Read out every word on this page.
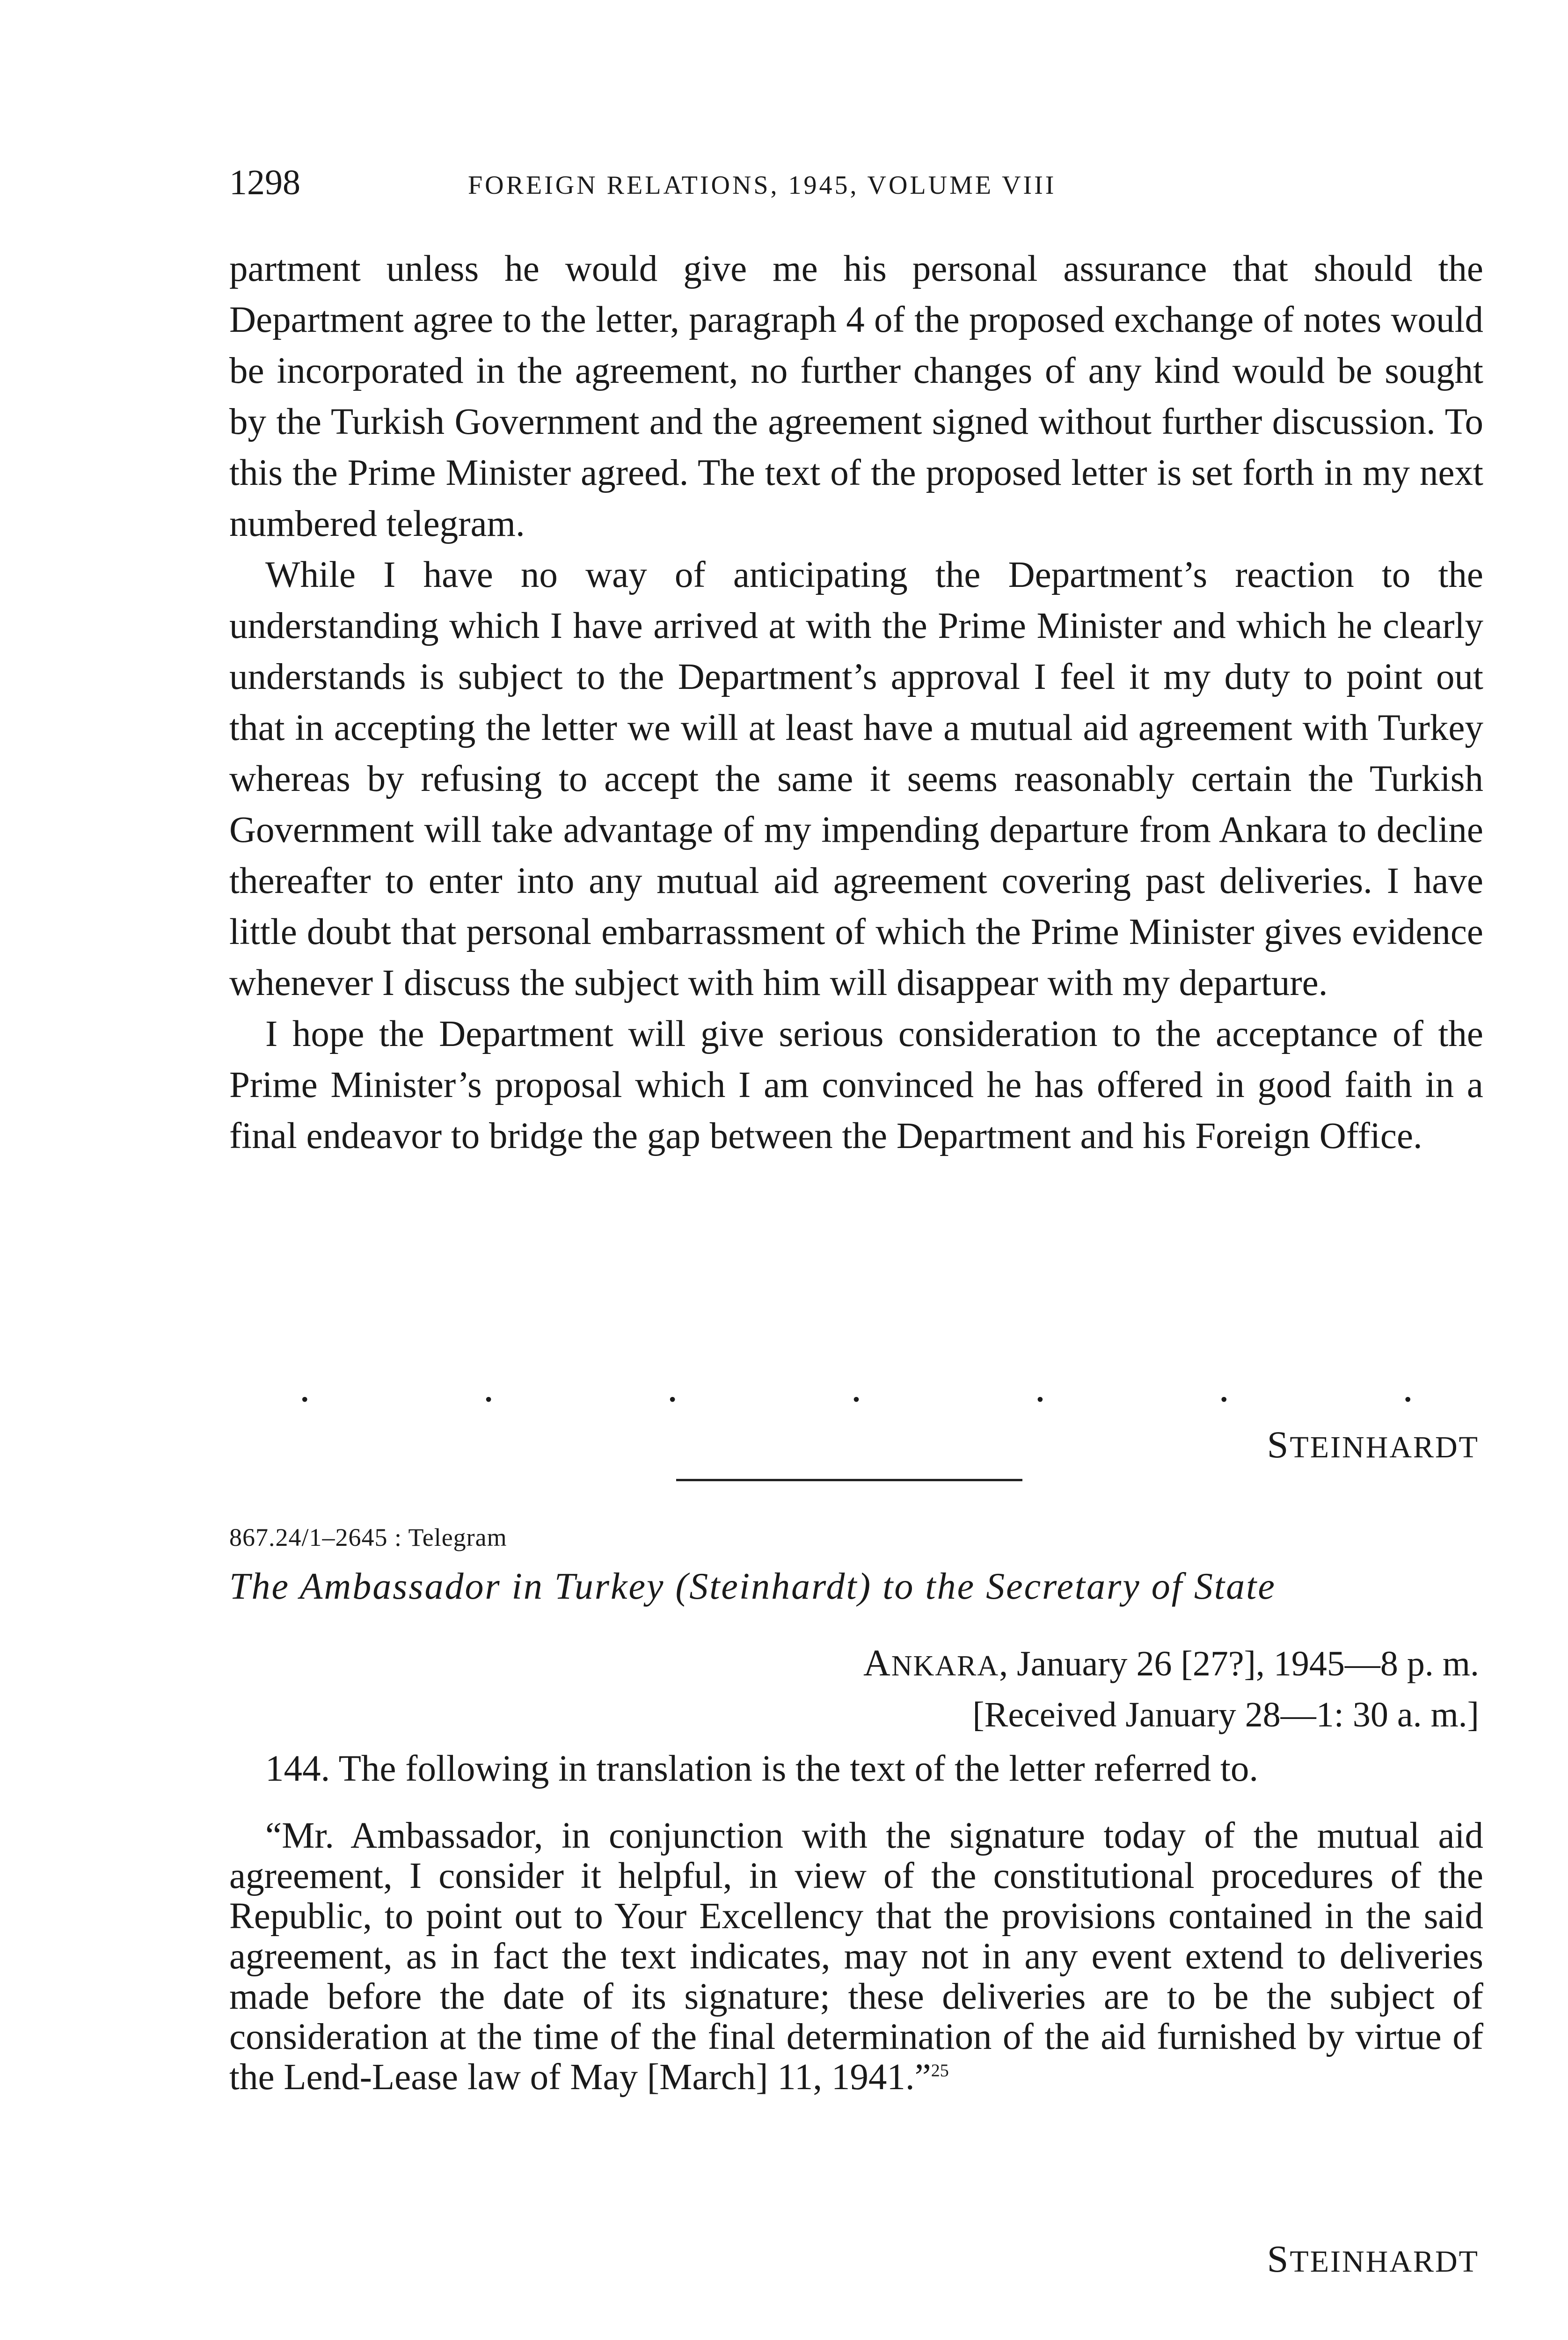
1298	FOREIGN RELATIONS, 1945, VOLUME VIII

partment unless he would give me his personal assurance that should the Department agree to the letter, paragraph 4 of the proposed exchange of notes would be incorporated in the agreement, no further changes of any kind would be sought by the Turkish Government and the agreement signed without further discussion. To this the Prime Minister agreed. The text of the proposed letter is set forth in my next numbered telegram.

While I have no way of anticipating the Department’s reaction to the understanding which I have arrived at with the Prime Minister and which he clearly understands is subject to the Department’s approval I feel it my duty to point out that in accepting the letter we will at least have a mutual aid agreement with Turkey whereas by refusing to accept the same it seems reasonably certain the Turkish Government will take advantage of my impending departure from Ankara to decline thereafter to enter into any mutual aid agreement covering past deliveries. I have little doubt that personal embarrassment of which the Prime Minister gives evidence whenever I discuss the subject with him will disappear with my departure.

I hope the Department will give serious consideration to the acceptance of the Prime Minister’s proposal which I am convinced he has offered in good faith in a final endeavor to bridge the gap between the Department and his Foreign Office.

.	.	.	.	.	.	.
STEINHARDT
867.24/1–2645 : Telegram
The Ambassador in Turkey (Steinhardt) to the Secretary of State
ANKARA, January 26 [27?], 1945—8 p. m.
[Received January 28—1: 30 a. m.]

144. The following in translation is the text of the letter referred to.

“Mr. Ambassador, in conjunction with the signature today of the mutual aid agreement, I consider it helpful, in view of the constitutional procedures of the Republic, to point out to Your Excellency that the provisions contained in the said agreement, as in fact the text indicates, may not in any event extend to deliveries made before the date of its signature; these deliveries are to be the subject of consideration at the time of the final determination of the aid furnished by virtue of the Lend-Lease law of May [March] 11, 1941.”$^{25}$

STEINHARDT
